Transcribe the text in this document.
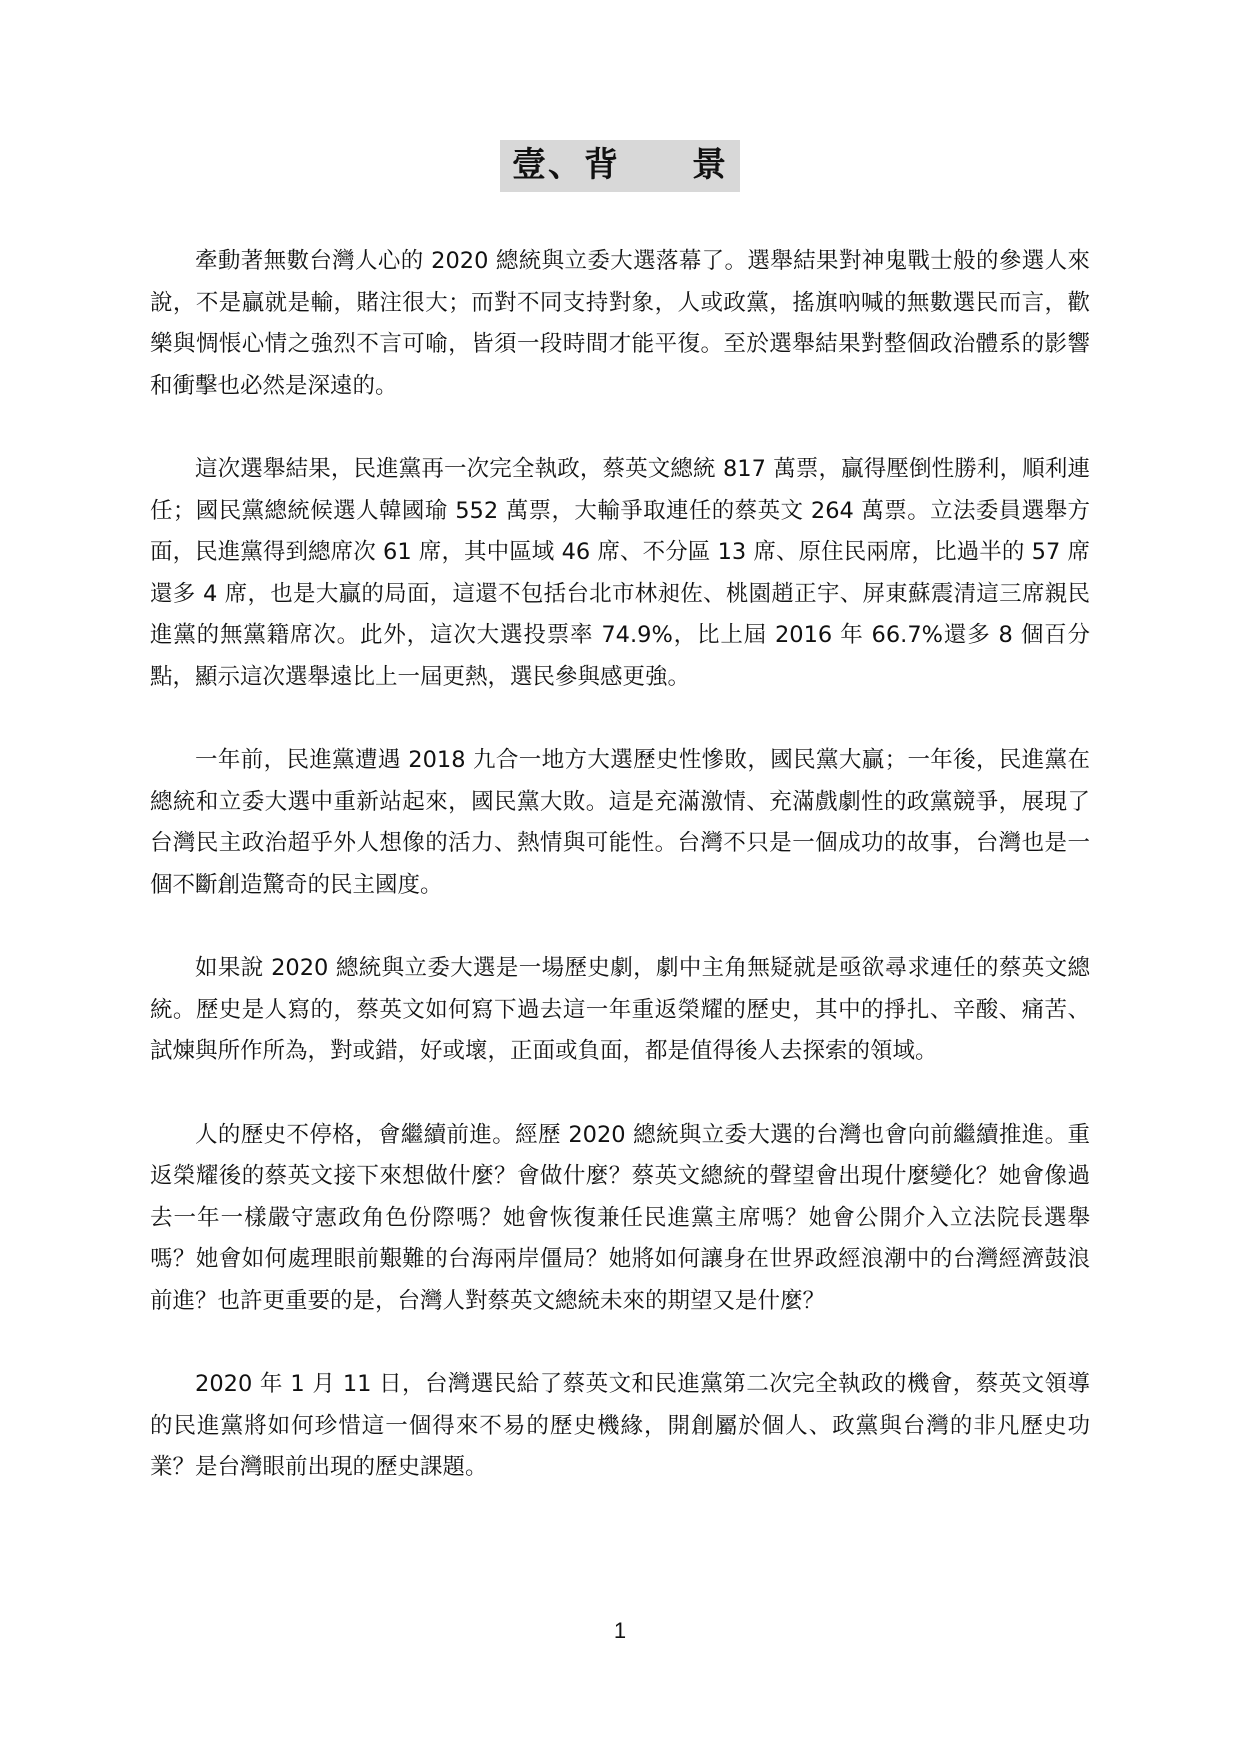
壹、背　　景

牽動著無數台灣人心的 2020 總統與立委大選落幕了。選舉結果對神鬼戰士般的參選人來說，不是贏就是輸，賭注很大；而對不同支持對象，人或政黨，搖旗吶喊的無數選民而言，歡樂與惆悵心情之強烈不言可喻，皆須一段時間才能平復。至於選舉結果對整個政治體系的影響和衝擊也必然是深遠的。

這次選舉結果，民進黨再一次完全執政，蔡英文總統 817 萬票，贏得壓倒性勝利，順利連任；國民黨總統候選人韓國瑜 552 萬票，大輸爭取連任的蔡英文 264 萬票。立法委員選舉方面，民進黨得到總席次 61 席，其中區域 46 席、不分區 13 席、原住民兩席，比過半的 57 席還多 4 席，也是大贏的局面，這還不包括台北市林昶佐、桃園趙正宇、屏東蘇震清這三席親民進黨的無黨籍席次。此外，這次大選投票率 74.9%，比上屆 2016 年 66.7%還多 8 個百分點，顯示這次選舉遠比上一屆更熱，選民參與感更強。

一年前，民進黨遭遇 2018 九合一地方大選歷史性慘敗，國民黨大贏；一年後，民進黨在總統和立委大選中重新站起來，國民黨大敗。這是充滿激情、充滿戲劇性的政黨競爭，展現了台灣民主政治超乎外人想像的活力、熱情與可能性。台灣不只是一個成功的故事，台灣也是一個不斷創造驚奇的民主國度。

如果說 2020 總統與立委大選是一場歷史劇，劇中主角無疑就是亟欲尋求連任的蔡英文總統。歷史是人寫的，蔡英文如何寫下過去這一年重返榮耀的歷史，其中的掙扎、辛酸、痛苦、試煉與所作所為，對或錯，好或壞，正面或負面，都是值得後人去探索的領域。

人的歷史不停格，會繼續前進。經歷 2020 總統與立委大選的台灣也會向前繼續推進。重返榮耀後的蔡英文接下來想做什麼？會做什麼？蔡英文總統的聲望會出現什麼變化？她會像過去一年一樣嚴守憲政角色份際嗎？她會恢復兼任民進黨主席嗎？她會公開介入立法院長選舉嗎？她會如何處理眼前艱難的台海兩岸僵局？她將如何讓身在世界政經浪潮中的台灣經濟鼓浪前進？也許更重要的是，台灣人對蔡英文總統未來的期望又是什麼？

2020 年 1 月 11 日，台灣選民給了蔡英文和民進黨第二次完全執政的機會，蔡英文領導的民進黨將如何珍惜這一個得來不易的歷史機緣，開創屬於個人、政黨與台灣的非凡歷史功業？是台灣眼前出現的歷史課題。

1
